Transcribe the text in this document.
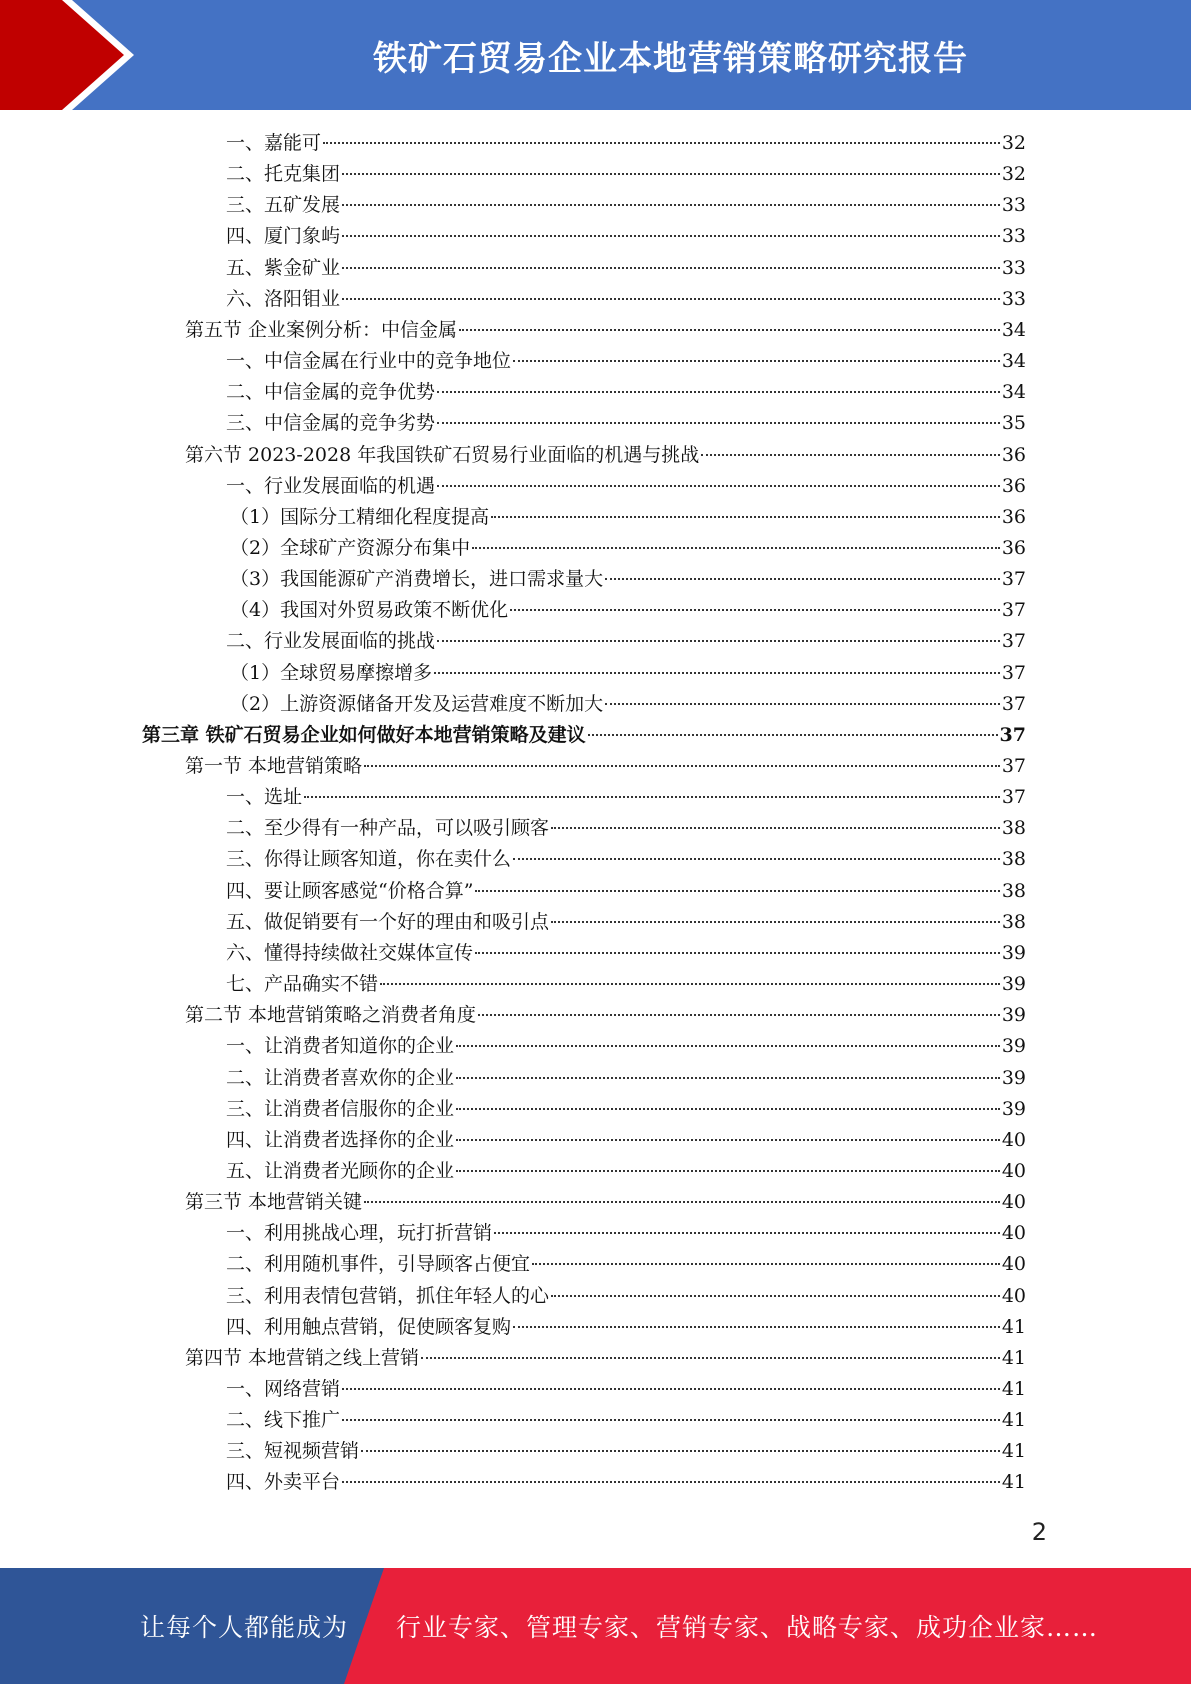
铁矿石贸易企业本地营销策略研究报告
一、嘉能可	32
二、托克集团	32
三、五矿发展	33
四、厦门象屿	33
五、紫金矿业	33
六、洛阳钼业	33
第五节 企业案例分析：中信金属	34
一、中信金属在行业中的竞争地位	34
二、中信金属的竞争优势	34
三、中信金属的竞争劣势	35
第六节 2023-2028 年我国铁矿石贸易行业面临的机遇与挑战	36
一、行业发展面临的机遇	36
（1）国际分工精细化程度提高	36
（2）全球矿产资源分布集中	36
（3）我国能源矿产消费增长，进口需求量大	37
（4）我国对外贸易政策不断优化	37
二、行业发展面临的挑战	37
（1）全球贸易摩擦增多	37
（2）上游资源储备开发及运营难度不断加大	37
第三章 铁矿石贸易企业如何做好本地营销策略及建议	37
第一节 本地营销策略	37
一、选址	37
二、至少得有一种产品，可以吸引顾客	38
三、你得让顾客知道，你在卖什么	38
四、要让顾客感觉“价格合算”	38
五、做促销要有一个好的理由和吸引点	38
六、懂得持续做社交媒体宣传	39
七、产品确实不错	39
第二节 本地营销策略之消费者角度	39
一、让消费者知道你的企业	39
二、让消费者喜欢你的企业	39
三、让消费者信服你的企业	39
四、让消费者选择你的企业	40
五、让消费者光顾你的企业	40
第三节 本地营销关键	40
一、利用挑战心理，玩打折营销	40
二、利用随机事件，引导顾客占便宜	40
三、利用表情包营销，抓住年轻人的心	40
四、利用触点营销，促使顾客复购	41
第四节 本地营销之线上营销	41
一、网络营销	41
二、线下推广	41
三、短视频营销	41
四、外卖平台	41
2
让每个人都能成为 行业专家、管理专家、营销专家、战略专家、成功企业家……
